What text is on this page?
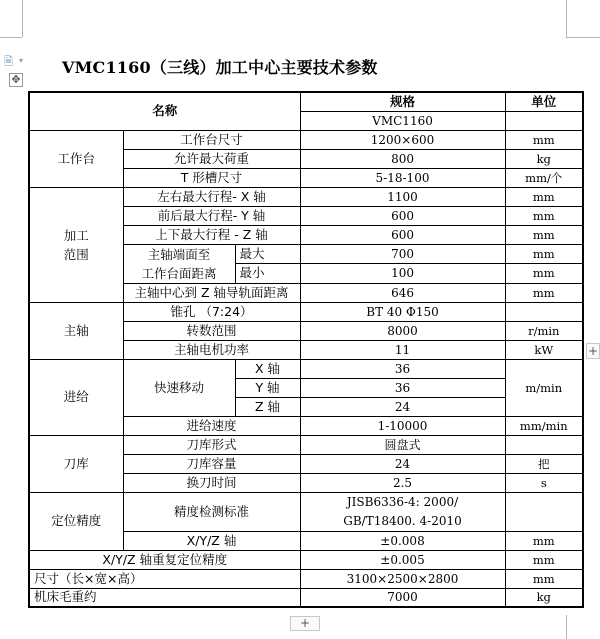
🗎 ▾
✥
VMC1160（三线）加工中心主要技术参数
名称			规格	单位
			VMC1160	
工作台	工作台尺寸		1200×600	mm
	允许最大荷重		800	kg
	T 形槽尺寸		5-18-100	mm/个
加工
范围	左右最大行程- X 轴		1100	mm
	前后最大行程- Y 轴		600	mm
	上下最大行程 - Z 轴		600	mm
	主轴端面至
工作台面距离	最大	700	mm
		最小	100	mm
	主轴中心到 Z 轴导轨面距离		646	mm
主轴	锥孔 （7:24）		BT 40 Φ150	
	转数范围		8000	r/min
	主轴电机功率		11	kW
进给	快速移动	X 轴	36	m/min
		Y 轴	36	
		Z 轴	24	
	进给速度		1-10000	mm/min
刀库	刀库形式		圆盘式	
	刀库容量		24	把
	换刀时间		2.5	s
定位精度	精度检测标准		JISB6336-4: 2000/
GB/T18400. 4-2010	
	X/Y/Z 轴		±0.008	mm
X/Y/Z 轴重复定位精度			±0.005	mm
尺寸（长×宽×高）			3100×2500×2800	mm
机床毛重约			7000	kg
+
+
